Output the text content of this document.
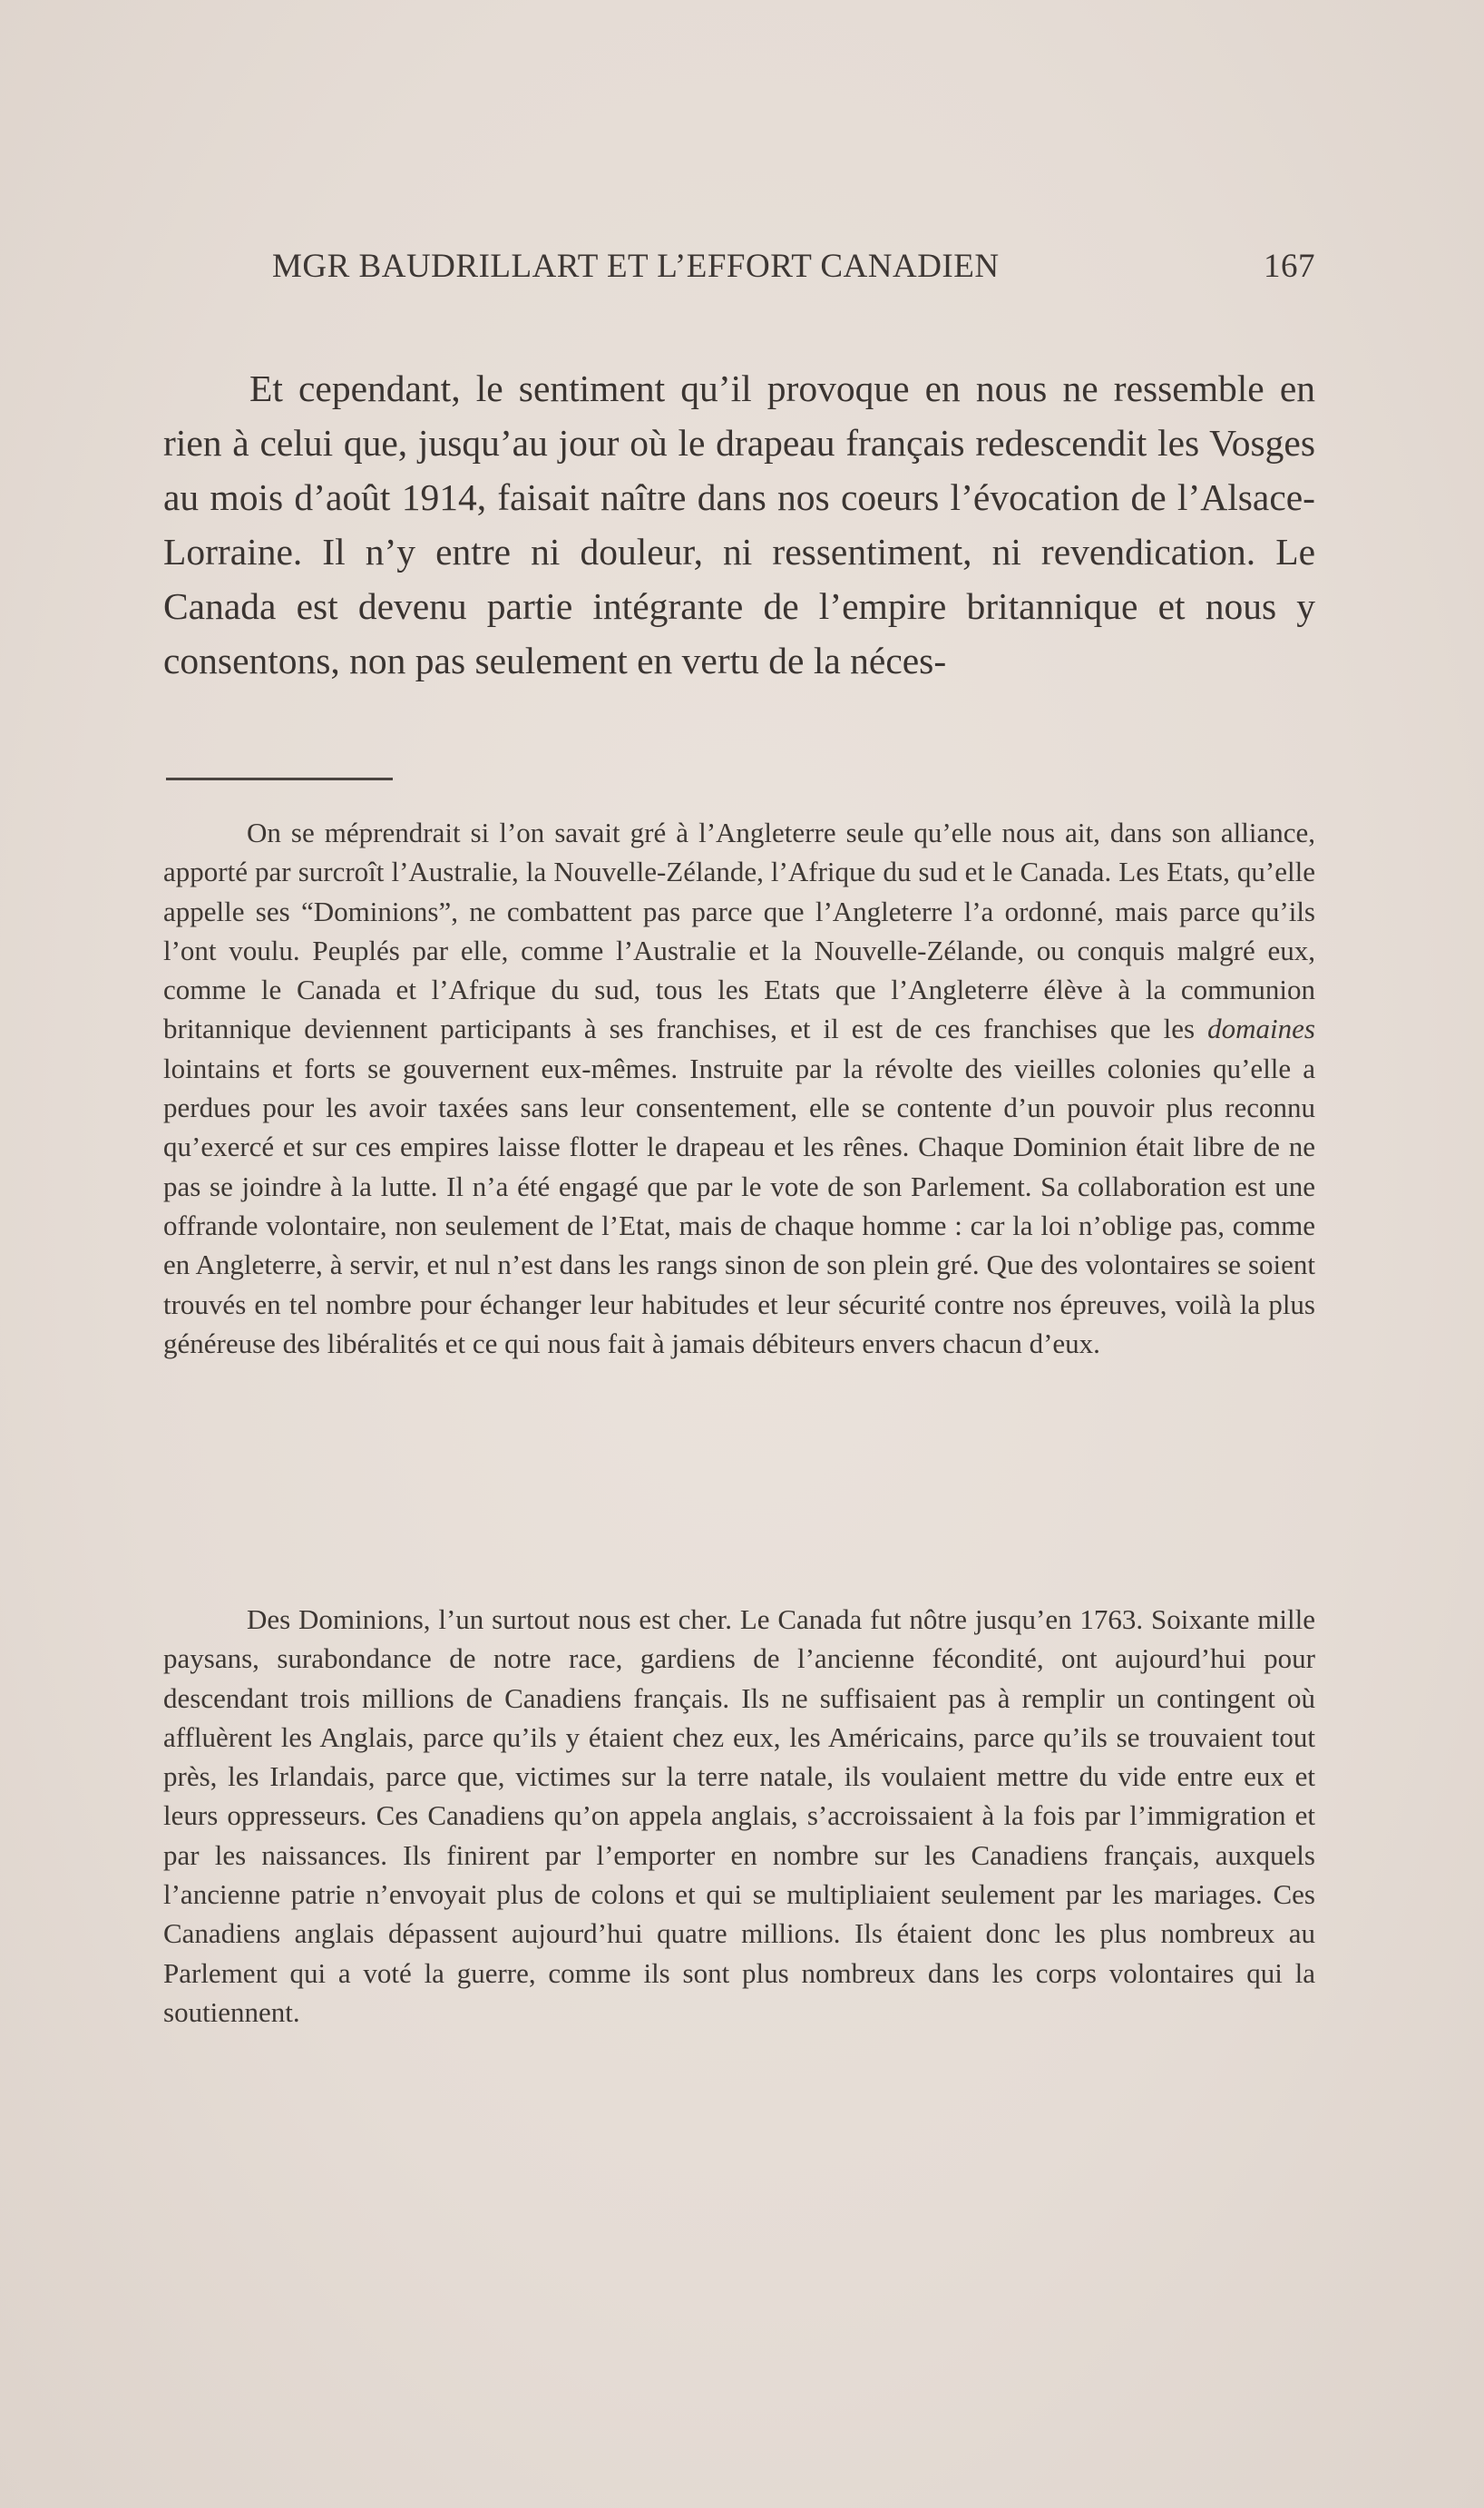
MGR BAUDRILLART ET L’EFFORT CANADIEN	167

Et cependant, le sentiment qu’il provoque en nous ne ressemble en rien à celui que, jusqu’au jour où le drapeau français redescendit les Vosges au mois d’août 1914, faisait naître dans nos coeurs l’évocation de l’Alsace-Lorraine. Il n’y entre ni douleur, ni ressentiment, ni revendication. Le Canada est devenu partie intégrante de l’empire britannique et nous y consentons, non pas seulement en vertu de la néces-

On se méprendrait si l’on savait gré à l’Angleterre seule qu’elle nous ait, dans son alliance, apporté par surcroît l’Australie, la Nouvelle-Zélande, l’Afrique du sud et le Canada. Les Etats, qu’elle appelle ses “Dominions”, ne combattent pas parce que l’Angleterre l’a ordonné, mais parce qu’ils l’ont voulu. Peuplés par elle, comme l’Australie et la Nouvelle-Zélande, ou conquis malgré eux, comme le Canada et l’Afrique du sud, tous les Etats que l’Angleterre élève à la communion britannique deviennent participants à ses franchises, et il est de ces franchises que les domaines lointains et forts se gouvernent eux-mêmes. Instruite par la révolte des vieilles colonies qu’elle a perdues pour les avoir taxées sans leur consentement, elle se contente d’un pouvoir plus reconnu qu’exercé et sur ces empires laisse flotter le drapeau et les rênes. Chaque Dominion était libre de ne pas se joindre à la lutte. Il n’a été engagé que par le vote de son Parlement. Sa collaboration est une offrande volontaire, non seulement de l’Etat, mais de chaque homme : car la loi n’oblige pas, comme en Angleterre, à servir, et nul n’est dans les rangs sinon de son plein gré. Que des volontaires se soient trouvés en tel nombre pour échanger leur habitudes et leur sécurité contre nos épreuves, voilà la plus généreuse des libéralités et ce qui nous fait à jamais débiteurs envers chacun d’eux.

Des Dominions, l’un surtout nous est cher. Le Canada fut nôtre jusqu’en 1763. Soixante mille paysans, surabondance de notre race, gardiens de l’ancienne fécondité, ont aujourd’hui pour descendant trois millions de Canadiens français. Ils ne suffisaient pas à remplir un contingent où affluèrent les Anglais, parce qu’ils y étaient chez eux, les Américains, parce qu’ils se trouvaient tout près, les Irlandais, parce que, victimes sur la terre natale, ils voulaient mettre du vide entre eux et leurs oppresseurs. Ces Canadiens qu’on appela anglais, s’accroissaient à la fois par l’immigration et par les naissances. Ils finirent par l’emporter en nombre sur les Canadiens français, auxquels l’ancienne patrie n’envoyait plus de colons et qui se multipliaient seulement par les mariages. Ces Canadiens anglais dépassent aujourd’hui quatre millions. Ils étaient donc les plus nombreux au Parlement qui a voté la guerre, comme ils sont plus nombreux dans les corps volontaires qui la soutiennent.
